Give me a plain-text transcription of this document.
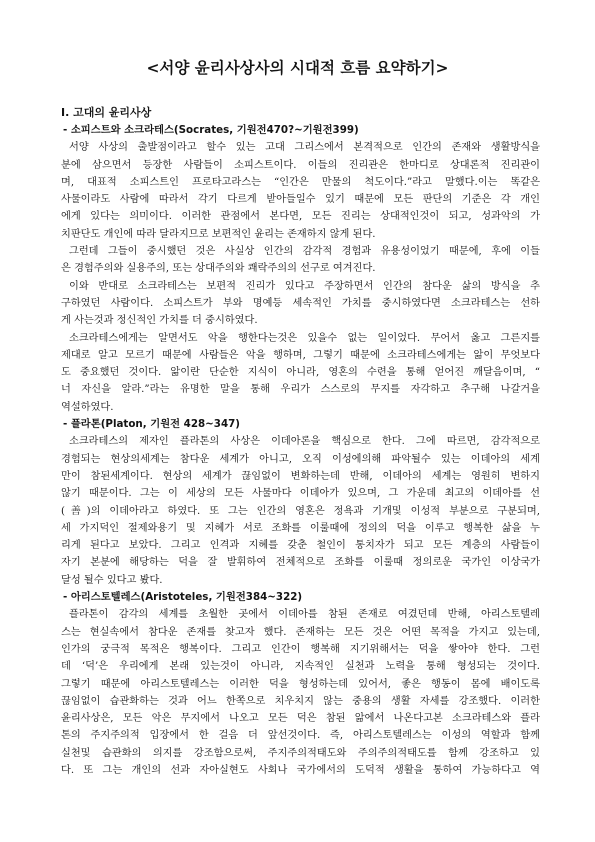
<서양 윤리사상사의 시대적 흐름 요약하기>
Ⅰ. 고대의 윤리사상
- 소피스트와 소크라테스(Socrates, 기원전470?~기원전399)
서양 사상의 출발점이라고 할수 있는 고대 그리스에서 본격적으로 인간의 존재와 생활방식을
분에 삼으면서 등장한 사람들이 소피스트이다. 이들의 진리관은 한마디로 상대론적 진리관이
며, 대표적 소피스트인 프로타고라스는 “인간은 만물의 척도이다.”라고 말했다.이는 똑같은
사물이라도 사람에 따라서 각기 다르게 받아들일수 있기 때문에 모든 판단의 기준은 각 개인
에게 있다는 의미이다. 이러한 관점에서 본다면, 모든 진리는 상대적인것이 되고, 성과악의 가
치판단도 개인에 따라 달라지므로 보편적인 윤리는 존재하지 않게 된다.
그런데 그들이 중시했던 것은 사실상 인간의 감각적 경험과 유용성이었기 때문에, 후에 이들
은 경험주의와 실용주의, 또는 상대주의와 쾌락주의의 선구로 여겨진다.
이와 반대로 소크라테스는 보편적 진리가 있다고 주장하면서 인간의 참다운 삶의 방식을 추
구하였던 사람이다. 소피스트가 부와 명예등 세속적인 가치를 중시하였다면 소크라테스는 선하
게 사는것과 정신적인 가치를 더 중시하였다.
소크라테스에게는 알면서도 악을 행한다는것은 있을수 없는 일이었다. 무어서 옳고 그른지를
제대로 알고 모르기 때문에 사람들은 악을 행하며, 그렇기 때문에 소크라테스에게는 앎이 무엇보다
도 중요했던 것이다. 앎이란 단순한 지식이 아니라, 영혼의 수련을 통해 얻어진 깨달음이며, “
너 자신을 알라.”라는 유명한 말을 통해 우리가 스스로의 무지를 자각하고 추구해 나갈거을
역설하였다.
- 플라톤(Platon, 기원전 428~347)
소크라테스의 제자인 플라톤의 사상은 이데아론을 핵심으로 한다. 그에 따르면, 감각적으로
경험되는 현상의세계는 참다운 세계가 아니고, 오직 이성에의해 파악될수 있는 이데아의 세계
만이 참된세계이다. 현상의 세계가 끊임없이 변화하는데 반해, 이데아의 세계는 영원히 변하지
않기 때문이다. 그는 이 세상의 모든 사물마다 이데아가 있으며, 그 가운데 최고의 이데아를 선
(善)의 이데아라고 하였다. 또 그는 인간의 영혼은 정욕과 기개및 이성적 부분으로 구분되며,
세 가지덕인 절제와용기 및 지혜가 서로 조화를 이룰때에 정의의 덕을 이루고 행복한 삶을 누
리게 된다고 보았다. 그리고 인격과 지혜를 갖춘 철인이 통치자가 되고 모든 계층의 사람들이
자기 본분에 해당하는 덕을 잘 발휘하여 전체적으로 조화를 이룰때 정의로운 국가인 이상국가
달성 될수 있다고 봤다.
- 아리스토텔레스(Aristoteles, 기원전384~322)
플라톤이 감각의 세계를 초월한 곳에서 이데아를 참된 존재로 여겼던데 반해, 아리스토텔레
스는 현실속에서 참다운 존재를 찾고자 했다. 존재하는 모든 것은 어떤 목적을 가지고 있는데,
인가의 궁극적 목적은 행복이다. 그리고 인간이 행복해 지기위해서는 덕을 쌓아야 한다. 그런
데 ‘덕’은 우리에게 본래 있는것이 아니라, 지속적인 실천과 노력을 통해 형성되는 것이다.
그렇기 때문에 아리스토텔레스는 이러한 덕을 형성하는데 있어서, 좋은 행동이 몸에 배이도록
끊임없이 습관화하는 것과 어느 한쪽으로 치우치지 않는 중용의 생활 자세를 강조했다. 이러한
윤리사상은, 모든 악은 무지에서 나오고 모든 덕은 참된 앎에서 나온다고본 소크라테스와 플라
톤의 주지주의적 입장에서 한 걸음 더 앞선것이다. 즉, 아리스토텔레스는 이성의 역할과 함께
실천및 습관화의 의지를 강조함으로써, 주지주의적태도와 주의주의적태도를 함께 강조하고 있
다. 또 그는 개인의 선과 자아실현도 사회나 국가에서의 도덕적 생활을 통하여 가능하다고 역
